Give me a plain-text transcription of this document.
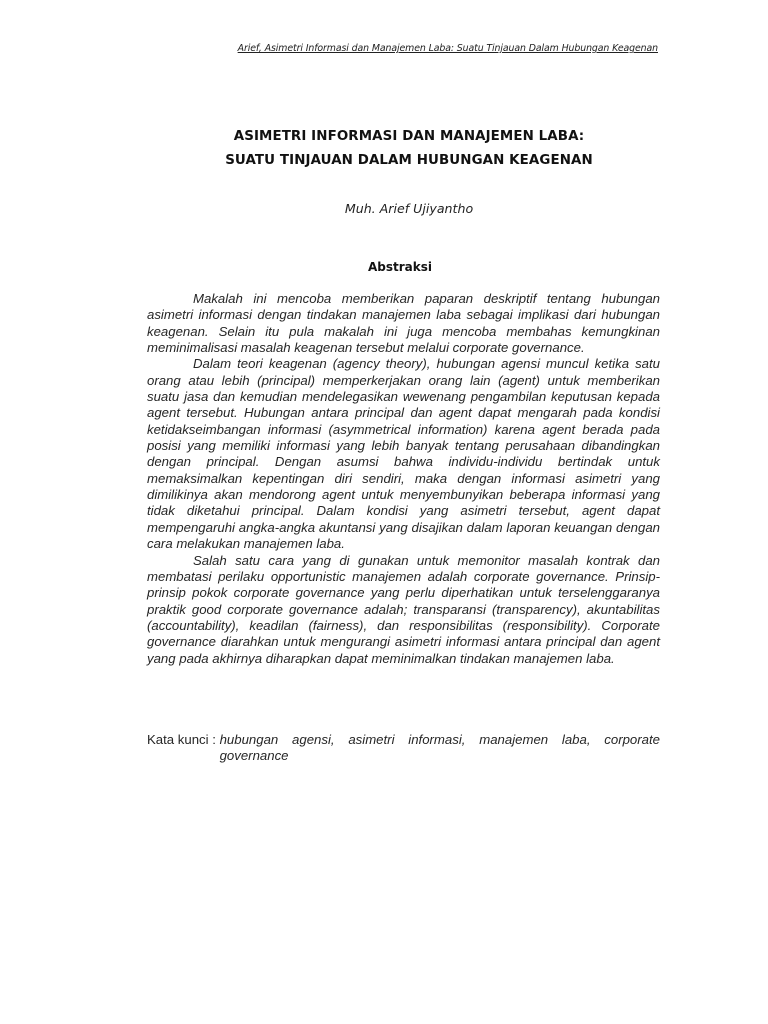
Arief, Asimetri Informasi dan Manajemen Laba: Suatu Tinjauan Dalam Hubungan Keagenan
ASIMETRI INFORMASI DAN MANAJEMEN LABA:
SUATU TINJAUAN DALAM HUBUNGAN KEAGENAN
Muh. Arief Ujiyantho
Abstraksi

Makalah ini mencoba memberikan paparan deskriptif tentang hubungan asimetri informasi dengan tindakan manajemen laba sebagai implikasi dari hubungan keagenan. Selain itu pula makalah ini juga mencoba membahas kemungkinan meminimalisasi masalah keagenan tersebut melalui corporate governance.

Dalam teori keagenan (agency theory), hubungan agensi muncul ketika satu orang atau lebih (principal) memperkerjakan orang lain (agent) untuk memberikan suatu jasa dan kemudian mendelegasikan wewenang pengambilan keputusan kepada agent tersebut. Hubungan antara principal dan agent dapat mengarah pada kondisi ketidakseimbangan informasi (asymmetrical information) karena agent berada pada posisi yang memiliki informasi yang lebih banyak tentang perusahaan dibandingkan dengan principal. Dengan asumsi bahwa individu-individu bertindak untuk memaksimalkan kepentingan diri sendiri, maka dengan informasi asimetri yang dimilikinya akan mendorong agent untuk menyembunyikan beberapa informasi yang tidak diketahui principal. Dalam kondisi yang asimetri tersebut, agent dapat mempengaruhi angka-angka akuntansi yang disajikan dalam laporan keuangan dengan cara melakukan manajemen laba.

Salah satu cara yang di gunakan untuk memonitor masalah kontrak dan membatasi perilaku opportunistic manajemen adalah corporate governance. Prinsip-prinsip pokok corporate governance yang perlu diperhatikan untuk terselenggaranya praktik good corporate governance adalah; transparansi (transparency), akuntabilitas (accountability), keadilan (fairness), dan responsibilitas (responsibility). Corporate governance diarahkan untuk mengurangi asimetri informasi antara principal dan agent yang pada akhirnya diharapkan dapat meminimalkan tindakan manajemen laba.

Kata kunci : hubungan agensi, asimetri informasi, manajemen laba, corporate governance
